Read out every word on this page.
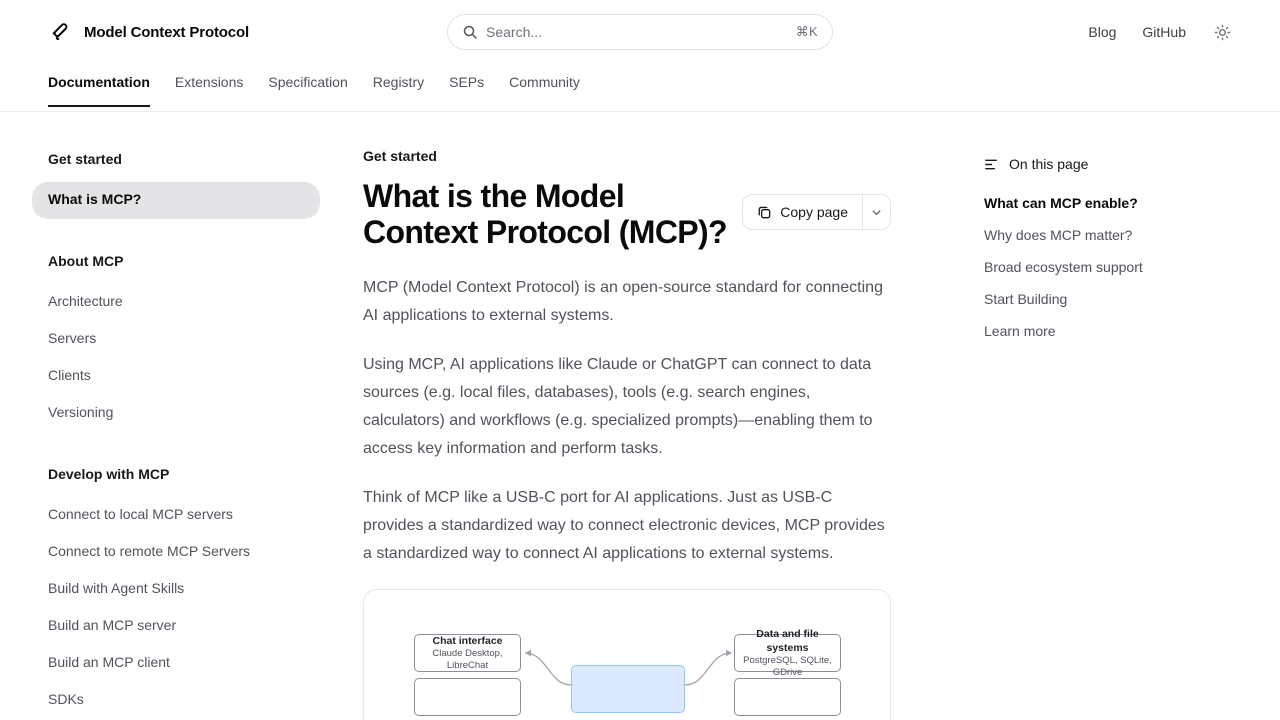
Model Context Protocol
Search...	⌘K	Blog GitHub
Documentation Extensions Specification Registry SEPs Community
Get started
What is MCP?
About MCP
Architecture
Servers
Clients
Versioning
Develop with MCP
Connect to local MCP servers
Connect to remote MCP Servers
Build with Agent Skills
Build an MCP server
Build an MCP client
SDKs
Get started
What is the Model Context Protocol (MCP)?
Copy page

MCP (Model Context Protocol) is an open-source standard for connecting AI applications to external systems.

Using MCP, AI applications like Claude or ChatGPT can connect to data sources (e.g. local files, databases), tools (e.g. search engines, calculators) and workflows (e.g. specialized prompts)—enabling them to access key information and perform tasks.

Think of MCP like a USB-C port for AI applications. Just as USB-C provides a standardized way to connect electronic devices, MCP provides a standardized way to connect AI applications to external systems.

Chat interface
Claude Desktop, LibreChat
Data and file systems
PostgreSQL, SQLite, GDrive
On this page
What can MCP enable?
Why does MCP matter?
Broad ecosystem support
Start Building
Learn more
